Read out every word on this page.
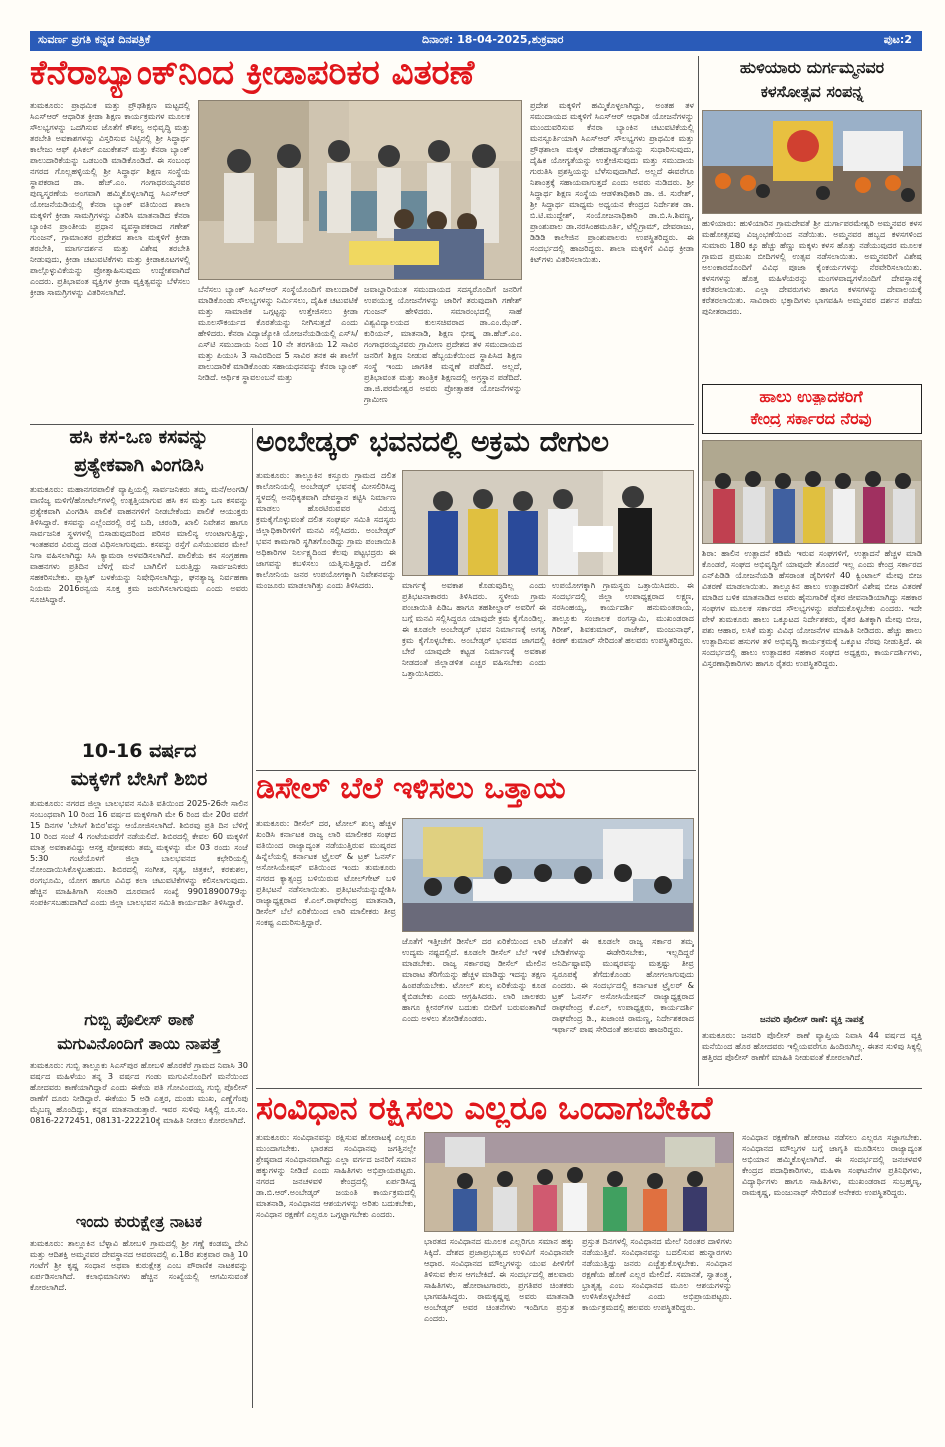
ಸುವರ್ಣ ಪ್ರಗತಿ ಕನ್ನಡ ದಿನಪತ್ರಿಕೆ	ದಿನಾಂಕ: 18-04-2025,ಶುಕ್ರವಾರ	ಪುಟ:2
ಕೆನೆರಾಬ್ಯಾಂಕ್‌ನಿಂದ ಕ್ರೀಡಾಪರಿಕರ ವಿತರಣೆ
ತುಮಕೂರು: ಪ್ರಾಥಮಿಕ ಮತ್ತು ಪ್ರೌಢಶಿಕ್ಷಣ ಮಟ್ಟದಲ್ಲಿ ಸಿಎಸ್‌ಆರ್ ಆಧಾರಿತ ಕ್ರೀಡಾ ಶಿಕ್ಷಣ ಕಾರ್ಯಕ್ರಮಗಳ ಮೂಲಕ ಸೌಲಭ್ಯಗಳನ್ನು ಒದಗಿಸುವ ಜೊತೆಗೆ ಕೌಶಲ್ಯ ಅಭಿವೃದ್ಧಿ ಮತ್ತು ತರಬೇತಿ ಅವಕಾಶಗಳನ್ನು ವಿಸ್ತರಿಸುವ ನಿಟ್ಟಿನಲ್ಲಿ ಶ್ರೀ ಸಿದ್ಧಾರ್ಥ ಕಾಲೇಜು ಆಫ್ ಫಿಸಿಕಲ್ ಎಜುಕೇಶನ್ ಮತ್ತು ಕೆನರಾ ಬ್ಯಾಂಕ್ ಪಾಲುದಾರಿಕೆಯನ್ನು ಒಡಬಂಡಿ ಮಾಡಿಕೊಂಡಿದೆ. ಈ ಸಂಬಂಧ ನಗರದ ಗೊಲ್ಲಹಳ್ಳಿಯಲ್ಲಿ ಶ್ರೀ ಸಿದ್ಧಾರ್ಥ ಶಿಕ್ಷಣ ಸಂಸ್ಥೆಯ ಸ್ಥಾಪಕರಾದ ಡಾ. ಹೆಚ್.ಎಂ. ಗಂಗಾಧರಯ್ಯನವರ ಪುಣ್ಯಸ್ಮರಣೆಯ ಅಂಗವಾಗಿ ಹಮ್ಮಿಕೊಳ್ಳಲಾಗಿದ್ದ ಸಿಎಸ್‌ಆರ್ ಯೋಜನೆಯಡಿಯಲ್ಲಿ ಕೆನರಾ ಬ್ಯಾಂಕ್ ವತಿಯಿಂದ ಶಾಲಾ ಮಕ್ಕಳಿಗೆ ಕ್ರೀಡಾ ಸಾಮಗ್ರಿಗಳನ್ನು ವಿತರಿಸಿ ಮಾತನಾಡಿದ ಕೆನರಾ ಬ್ಯಾಂಕಿನ ಪ್ರಾಂತೀಯ ಪ್ರಧಾನ ವ್ಯವಸ್ಥಾಪಕರಾದ ಗಣೇಶ್ ಗುಂಜನ್, ಗ್ರಾಮಾಂತರ ಪ್ರದೇಶದ ಶಾಲಾ ಮಕ್ಕಳಿಗೆ ಕ್ರೀಡಾ ತರಬೇತಿ, ಮಾರ್ಗದರ್ಶನ ಮತ್ತು ವಿಶೇಷ ತರಬೇತಿ ನೀಡುವುದು, ಕ್ರೀಡಾ ಚಟುವಟಿಕೆಗಳು ಮತ್ತು ಕ್ರೀಡಾಕೂಟಗಳಲ್ಲಿ ಪಾಲ್ಗೊಳ್ಳುವಿಕೆಯನ್ನು ಪ್ರೋತ್ಸಾಹಿಸುವುದು ಉದ್ದೇಶವಾಗಿದೆ ಎಂದರು. ಪ್ರತಿಭಾವಂತ ವ್ಯಕ್ತಿಗಳ ಕ್ರೀಡಾ ವ್ಯಕ್ತಿತ್ವವನ್ನು ಬೆಳೆಸಲು ಕ್ರೀಡಾ ಸಾಮಗ್ರಿಗಳನ್ನು ವಿತರಿಸಲಾಗಿದೆ.	ಬೆನೆಸಲು ಬ್ಯಾಂಕ್ ಸಿಎಸ್‌ಆರ್ ಸಂಸ್ಥೆಯೊಂದಿಗೆ ಪಾಲುದಾರಿಕೆ ಮಾಡಿಕೊಂಡು ಸೌಲಭ್ಯಗಳನ್ನು ನಿರ್ಮಿಸಲು, ದೈಹಿಕ ಚಟುವಟಿಕೆ ಮತ್ತು ಸಾಮಾಜಿಕ ಒಗ್ಗಟ್ಟನ್ನು ಉತ್ತೇಜಿಸಲು ಕ್ರೀಡಾ ಮೂಲಸೌಕರ್ಯದ ಕೊರತೆಯನ್ನು ನೀಗಿಸುತ್ತದೆ ಎಂದು ಹೇಳಿದರು. ಕೆನರಾ ವಿದ್ಯಾಜ್ಯೋತಿ ಯೋಜನೆಯಡಿಯಲ್ಲಿ ಎಸ್‌ಸಿ/ಎಸ್‌ಟಿ ಸಮುದಾಯ ನಿಂದ 10 ನೇ ತರಗತಿಯ 12 ಸಾವಿರ ಮತ್ತು ಪಿಯುಸಿ 3 ಸಾವಿರದಿಂದ 5 ಸಾವಿರ ತನಕ ಈ ಶಾಲೆಗೆ ಪಾಲುದಾರಿಕೆ ಮಾಡಿಕೊಂಡು ಸಹಾಯಧನವನ್ನು ಕೆನರಾ ಬ್ಯಾಂಕ್ ನೀಡಿದೆ. ಆರ್ಥಿಕ ಸ್ಥಾವಲಂಬನೆ ಮತ್ತು
ಜವಾಬ್ದಾರಿಯುತ ಸಮುದಾಯದ ಸದಸ್ಯರೊಂದಿಗೆ ಜನರಿಗೆ ಉಪಯುಕ್ತ ಯೋಜನೆಗಳನ್ನು ಜಾರಿಗೆ ತರುವುದಾಗಿ ಗಣೇಶ್ ಗುಂಜನ್ ಹೇಳಿದರು. ಸಮಾರಂಭದಲ್ಲಿ ಸಾಹೆ ವಿಶ್ವವಿದ್ಯಾಲಯದ ಕುಲಸಚಿವರಾದ ಡಾ.ಎಂ.ಝೆಡ್. ಕುರಿಯನ್, ಮಾತನಾಡಿ, ಶಿಕ್ಷಣ ಭೀಷ್ಮ ಡಾ.ಹೆಚ್.ಎಂ. ಗಂಗಾಧರಯ್ಯನವರು ಗ್ರಾಮೀಣ ಪ್ರದೇಶದ ತಳ ಸಮುದಾಯದ ಜನರಿಗೆ ಶಿಕ್ಷಣ ನೀಡುವ ಹೆಬ್ಬಯಕೆಯಿಂದ ಸ್ಥಾಪಿಸಿದ ಶಿಕ್ಷಣ ಸಂಸ್ಥೆ ಇಂದು ಜಾಗತಿಕ ಮನ್ನಣೆ ಪಡೆದಿದೆ. ಅಲ್ಲದೆ, ಪ್ರತಿಭಾವಂತ ಮತ್ತು ತಾಂತ್ರಿಕ ಶಿಕ್ಷಣದಲ್ಲಿ ಅಗ್ರಸ್ಥಾನ ಪಡೆದಿದೆ. ಡಾ.ಜಿ.ಪರಮೇಶ್ವರ ಅವರು ಪ್ರೋತ್ಸಾಹಕ ಯೋಜನೆಗಳನ್ನು ಗ್ರಾಮೀಣ
ಪ್ರದೇಶ ಮಕ್ಕಳಿಗೆ ಹಮ್ಮಿಕೊಳ್ಳಲಾಗಿದ್ದು, ಅಂತಹ ತಳ ಸಮುದಾಯದ ಮಕ್ಕಳಿಗೆ ಸಿಎಸ್‌ಆರ್ ಆಧಾರಿತ ಯೋಜನೆಗಳನ್ನು ಮುಂದುವರಿಸುವ ಕೆನರಾ ಬ್ಯಾಂಕಿನ ಚಟುವಟಿಕೆಯಲ್ಲಿ ಮನಸ್ಪೂರ್ತಿಯಾಗಿ ಸಿಎಸ್‌ಆರ್ ಸೌಲಭ್ಯಗಳು ಪ್ರಾಥಮಿಕ ಮತ್ತು ಪ್ರೌಢಶಾಲಾ ಮಕ್ಕಳ ದೇಹದಾರ್ಢ್ಯತೆಯನ್ನು ಸುಧಾರಿಸುವುದು, ದೈಹಿಕ ಯೋಗ್ಯತೆಯನ್ನು ಉತ್ತೇಜಿಸುವುದು ಮತ್ತು ಸಮುದಾಯ ಗುರುತಿಸಿ ಪ್ರಶಸ್ತಿಯನ್ನು ಬೆಳೆಸುವುದಾಗಿದೆ. ಅಲ್ಲದೆ ಈವರೆಗೂ ನಿಶಾಂತ್ರಕ್ಕೆ ಸಹಾಯವಾಗುತ್ತದೆ ಎಂದು ಅವರು ನುಡಿದರು. ಶ್ರೀ ಸಿದ್ಧಾರ್ಥ ಶಿಕ್ಷಣ ಸಂಸ್ಥೆಯ ಆಡಳಿತಾಧಿಕಾರಿ ಡಾ. ಜಿ. ಸುರೇಶ್, ಶ್ರೀ ಸಿದ್ಧಾರ್ಥ ಮಾಧ್ಯಮ ಅಧ್ಯಯನ ಕೇಂದ್ರದ ನಿರ್ದೇಶಕ ಡಾ. ಬಿ.ಟಿ.ಮುದ್ದೇಶ್, ಸಂಯೋಜನಾಧಿಕಾರಿ ಡಾ.ಬಿ.ಸಿ.ಶಿವಣ್ಣ, ಪ್ರಾಂಶುಪಾಲ ಡಾ.ನರಸಿಂಹಮೂರ್ತಿ, ಟೆಲ್ಲಿಗ್ರಾಮ್, ದೇವರಾಜು, ಡಿಡಿಡಿ ಕಾಲೇಜಿನ ಪ್ರಾಂಶುಪಾಲರು ಉಪಸ್ಥಿತರಿದ್ದರು. ಈ ಸಂದರ್ಭದಲ್ಲಿ ಹಾಜರಿದ್ದರು. ಶಾಲಾ ಮಕ್ಕಳಿಗೆ ವಿವಿಧ ಕ್ರೀಡಾ ಕಿಟ್‌ಗಳು ವಿತರಿಸಲಾಯಿತು.
ಹುಳಿಯಾರು ದುರ್ಗಮ್ಮನವರ
ಕಳಸೋತ್ಸವ ಸಂಪನ್ನ
ಹುಳಿಯಾರು: ಹುಳಿಯಾರಿನ ಗ್ರಾಮದೇವತೆ ಶ್ರೀ ದುರ್ಗಾಪರಮೇಶ್ವರಿ ಅಮ್ಮನವರ ಕಳಸ ಮಹೋತ್ಸವವು ವಿಜೃಂಭಣೆಯಿಂದ ನಡೆಯಿತು. ಅಮ್ಮನವರ ಹಬ್ಬದ ಕಳಸಗಳಿಂದ ಸುಮಾರು 180 ಕ್ಕೂ ಹೆಚ್ಚು ಹೆಣ್ಣು ಮಕ್ಕಳು ಕಳಸ ಹೊತ್ತು ನಡೆಯುವುದರ ಮೂಲಕ ಗ್ರಾಮದ ಪ್ರಮುಖ ಬೀದಿಗಳಲ್ಲಿ ಉತ್ಸವ ನಡೆಸಲಾಯಿತು. ಅಮ್ಮನವರಿಗೆ ವಿಶೇಷ ಅಲಂಕಾರದೊಂದಿಗೆ ವಿವಿಧ ಪೂಜಾ ಕೈಂಕರ್ಯಗಳನ್ನು ನೆರವೇರಿಸಲಾಯಿತು. ಕಳಸಗಳನ್ನು ಹೊತ್ತ ಮಹಿಳೆಯರನ್ನು ಮಂಗಳವಾದ್ಯಗಳೊಂದಿಗೆ ದೇವಸ್ಥಾನಕ್ಕೆ ಕರೆತರಲಾಯಿತು. ಎಲ್ಲಾ ದೇವರುಗಳು ಹಾಗೂ ಕಳಸಗಳನ್ನು ದೇವಾಲಯಕ್ಕೆ ಕರೆತರಲಾಯಿತು. ಸಾವಿರಾರು ಭಕ್ತಾದಿಗಳು ಭಾಗವಹಿಸಿ ಅಮ್ಮನವರ ದರ್ಶನ ಪಡೆದು ಪುನೀತರಾದರು.
ಹಾಲು ಉತ್ಪಾದಕರಿಗೆ
ಕೇಂದ್ರ ಸರ್ಕಾರದ ನೆರವು
ಶಿರಾ: ಹಾಲಿನ ಉತ್ಪಾದನೆ ಕಡಿಮೆ ಇರುವ ಸಂಘಗಳಿಗೆ, ಉತ್ಪಾದನೆ ಹೆಚ್ಚಳ ಮಾಡಿ ಕೊಂಡರೆ, ಸಂಘದ ಅಭಿವೃದ್ಧಿಗೆ ಯಾವುದೇ ತೊಂದರೆ ಇಲ್ಲ ಎಂದು ಕೇಂದ್ರ ಸರ್ಕಾರದ ಎನ್‌ಪಿಡಿಡಿ ಯೋಜನೆಯಡಿ ಹೆಸರಾಂತ ಡೈರಿಗಳಿಗೆ 40 ಕ್ವಿಂಟಾಲ್ ಮೇವು ಬೀಜ ವಿತರಣೆ ಮಾಡಲಾಯಿತು. ತಾಲ್ಲೂಕಿನ ಹಾಲು ಉತ್ಪಾದಕರಿಗೆ ವಿಶೇಷ ಬೀಜ ವಿತರಣೆ ಮಾಡಿದ ಬಳಿಕ ಮಾತನಾಡಿದ ಅವರು ಹೈನುಗಾರಿಕೆ ರೈತರ ಜೀವನಾಡಿಯಾಗಿದ್ದು ಸಹಕಾರ ಸಂಘಗಳ ಮೂಲಕ ಸರ್ಕಾರದ ಸೌಲಭ್ಯಗಳನ್ನು ಪಡೆದುಕೊಳ್ಳಬೇಕು ಎಂದರು. ಇದೇ ವೇಳೆ ತುಮಕೂರು ಹಾಲು ಒಕ್ಕೂಟದ ನಿರ್ದೇಶಕರು, ರೈತರ ಹಿತಕ್ಕಾಗಿ ಮೇವು ಬೀಜ, ಪಶು ಆಹಾರ, ಲಸಿಕೆ ಮತ್ತು ವಿವಿಧ ಯೋಜನೆಗಳ ಮಾಹಿತಿ ನೀಡಿದರು. ಹೆಚ್ಚು ಹಾಲು ಉತ್ಪಾದಿಸುವ ಹಸುಗಳ ತಳಿ ಅಭಿವೃದ್ಧಿ ಕಾರ್ಯಕ್ರಮಕ್ಕೆ ಒಕ್ಕೂಟ ನೆರವು ನೀಡುತ್ತಿದೆ. ಈ ಸಂದರ್ಭದಲ್ಲಿ ಹಾಲು ಉತ್ಪಾದಕರ ಸಹಕಾರ ಸಂಘದ ಅಧ್ಯಕ್ಷರು, ಕಾರ್ಯದರ್ಶಿಗಳು, ವಿಸ್ತರಣಾಧಿಕಾರಿಗಳು ಹಾಗೂ ರೈತರು ಉಪಸ್ಥಿತರಿದ್ದರು.
ಜನವರಿ ಪೊಲೀಸ್ ಠಾಣೆ: ವ್ಯಕ್ತಿ ನಾಪತ್ತೆ
ತುಮಕೂರು: ಜನವರಿ ಪೊಲೀಸ್ ಠಾಣೆ ವ್ಯಾಪ್ತಿಯ ನಿವಾಸಿ 44 ವರ್ಷದ ವ್ಯಕ್ತಿ ಮನೆಯಿಂದ ಹೊರ ಹೋದವರು ಇಲ್ಲಿಯವರೆಗೂ ಹಿಂದಿರುಗಿಲ್ಲ. ಈತನ ಸುಳಿವು ಸಿಕ್ಕಲ್ಲಿ ಹತ್ತಿರದ ಪೊಲೀಸ್ ಠಾಣೆಗೆ ಮಾಹಿತಿ ನೀಡುವಂತೆ ಕೋರಲಾಗಿದೆ.
ಹಸಿ ಕಸ-ಒಣ ಕಸವನ್ನು
ಪ್ರತ್ಯೇಕವಾಗಿ ವಿಂಗಡಿಸಿ
ತುಮಕೂರು: ಮಹಾನಗರಪಾಲಿಕೆ ವ್ಯಾಪ್ತಿಯಲ್ಲಿ ಸಾರ್ವಜನಿಕರು ತಮ್ಮ ಮನೆ/ಅಂಗಡಿ/ವಾಣಿಜ್ಯ ಮಳಿಗೆ/ಹೋಟೆಲ್‌ಗಳಲ್ಲಿ ಉತ್ಪತ್ತಿಯಾಗುವ ಹಸಿ ಕಸ ಮತ್ತು ಒಣ ಕಸವನ್ನು ಪ್ರತ್ಯೇಕವಾಗಿ ವಿಂಗಡಿಸಿ ಪಾಲಿಕೆ ವಾಹನಗಳಿಗೆ ನೀಡಬೇಕೆಂದು ಪಾಲಿಕೆ ಆಯುಕ್ತರು ತಿಳಿಸಿದ್ದಾರೆ. ಕಸವನ್ನು ಎಲ್ಲೆಂದರಲ್ಲಿ ರಸ್ತೆ ಬದಿ, ಚರಂಡಿ, ಖಾಲಿ ನಿವೇಶನ ಹಾಗೂ ಸಾರ್ವಜನಿಕ ಸ್ಥಳಗಳಲ್ಲಿ ಬಿಸಾಡುವುದರಿಂದ ಪರಿಸರ ಮಾಲಿನ್ಯ ಉಂಟಾಗುತ್ತಿದ್ದು, ಇಂತಹವರ ವಿರುದ್ಧ ದಂಡ ವಿಧಿಸಲಾಗುವುದು. ಕಸವನ್ನು ರಸ್ತೆಗೆ ಎಸೆಯುವವರ ಮೇಲೆ ನಿಗಾ ವಹಿಸಲಾಗಿದ್ದು ಸಿಸಿ ಕ್ಯಾಮರಾ ಅಳವಡಿಸಲಾಗಿದೆ. ಪಾಲಿಕೆಯ ಕಸ ಸಂಗ್ರಹಣಾ ವಾಹನಗಳು ಪ್ರತಿದಿನ ಬೆಳಿಗ್ಗೆ ಮನೆ ಬಾಗಿಲಿಗೆ ಬರುತ್ತಿದ್ದು ಸಾರ್ವಜನಿಕರು ಸಹಕರಿಸಬೇಕು. ಪ್ಲಾಸ್ಟಿಕ್ ಬಳಕೆಯನ್ನು ನಿಷೇಧಿಸಲಾಗಿದ್ದು, ಘನತ್ಯಾಜ್ಯ ನಿರ್ವಹಣಾ ನಿಯಮ 2016ರನ್ವಯ ಸೂಕ್ತ ಕ್ರಮ ಜರುಗಿಸಲಾಗುವುದು ಎಂದು ಅವರು ಸೂಚಿಸಿದ್ದಾರೆ.
10-16 ವರ್ಷದ
ಮಕ್ಕಳಿಗೆ ಬೇಸಿಗೆ ಶಿಬಿರ
ತುಮಕೂರು: ನಗರದ ಜಿಲ್ಲಾ ಬಾಲಭವನ ಸಮಿತಿ ವತಿಯಿಂದ 2025-26ನೇ ಸಾಲಿನ ಸಂಬಂಧವಾಗಿ 10 ರಿಂದ 16 ವರ್ಷದ ಮಕ್ಕಳಿಗಾಗಿ ಮೇ 6 ರಿಂದ ಮೇ 20ರ ವರೆಗೆ 15 ದಿನಗಳ 'ಬೇಸಿಗೆ ಶಿಬಿರ'ವನ್ನು ಆಯೋಜಿಸಲಾಗಿದೆ. ಶಿಬಿರವು ಪ್ರತಿ ದಿನ ಬೆಳಿಗ್ಗೆ 10 ರಿಂದ ಸಂಜೆ 4 ಗಂಟೆಯವರೆಗೆ ನಡೆಯಲಿದೆ. ಶಿಬಿರದಲ್ಲಿ ಕೇವಲ 60 ಮಕ್ಕಳಿಗೆ ಮಾತ್ರ ಅವಕಾಶವಿದ್ದು ಆಸಕ್ತ ಪೋಷಕರು ತಮ್ಮ ಮಕ್ಕಳನ್ನು ಮೇ 03 ರಂದು ಸಂಜೆ 5:30 ಗಂಟೆಯೊಳಗೆ ಜಿಲ್ಲಾ ಬಾಲಭವನದ ಕಛೇರಿಯಲ್ಲಿ ನೋಂದಾಯಿಸಿಕೊಳ್ಳಬಹುದು. ಶಿಬಿರದಲ್ಲಿ ಸಂಗೀತ, ನೃತ್ಯ, ಚಿತ್ರಕಲೆ, ಕರಕುಶಲ, ರಂಗಭೂಮಿ, ಯೋಗ ಹಾಗೂ ವಿವಿಧ ಕಲಾ ಚಟುವಟಿಕೆಗಳನ್ನು ಕಲಿಸಲಾಗುವುದು. ಹೆಚ್ಚಿನ ಮಾಹಿತಿಗಾಗಿ ಸಂಚಾರಿ ದೂರವಾಣಿ ಸಂಖ್ಯೆ 9901890079ನ್ನು ಸಂಪರ್ಕಿಸಬಹುದಾಗಿದೆ ಎಂದು ಜಿಲ್ಲಾ ಬಾಲಭವನ ಸಮಿತಿ ಕಾರ್ಯದರ್ಶಿ ತಿಳಿಸಿದ್ದಾರೆ.
ಗುಬ್ಬಿ ಪೊಲೀಸ್ ಠಾಣೆ
ಮಗುವಿನೊಂದಿಗೆ ತಾಯಿ ನಾಪತ್ತೆ
ತುಮಕೂರು: ಗುಬ್ಬಿ ತಾಲ್ಲೂಕು ಸಿಎಸ್‌ಪುರ ಹೋಬಳಿ ಹೊರಕೆರೆ ಗ್ರಾಮದ ನಿವಾಸಿ 30 ವರ್ಷದ ಮಹಿಳೆಯು ತನ್ನ 3 ವರ್ಷದ ಗಂಡು ಮಗುವಿನೊಂದಿಗೆ ಮನೆಯಿಂದ ಹೋದವರು ಕಾಣೆಯಾಗಿದ್ದಾರೆ ಎಂದು ಈಕೆಯ ಪತಿ ಗೋವಿಂದಯ್ಯ ಗುಬ್ಬಿ ಪೊಲೀಸ್ ಠಾಣೆಗೆ ದೂರು ನೀಡಿದ್ದಾರೆ. ಈಕೆಯು 5 ಅಡಿ ಎತ್ತರ, ದುಂಡು ಮುಖ, ಎಣ್ಣೆಗೆಂಪು ಮೈಬಣ್ಣ ಹೊಂದಿದ್ದು, ಕನ್ನಡ ಮಾತನಾಡುತ್ತಾರೆ. ಇವರ ಸುಳಿವು ಸಿಕ್ಕಲ್ಲಿ ದೂ.ಸಂ. 0816-2272451, 08131-222210ಕ್ಕೆ ಮಾಹಿತಿ ನೀಡಲು ಕೋರಲಾಗಿದೆ.
ಇಂದು ಕುರುಕ್ಷೇತ್ರ ನಾಟಕ
ತುಮಕೂರು: ತಾಲ್ಲೂಕಿನ ಬೆಳ್ಳಾವಿ ಹೋಬಳಿ ಗ್ರಾಮದಲ್ಲಿ ಶ್ರೀ ಗಣ್ಣೆ ಕಂಡಮ್ಮ ದೇವಿ ಮತ್ತು ಆದಿಶಕ್ತಿ ಅಮ್ಮನವರ ದೇವಸ್ಥಾನದ ಆವರಣದಲ್ಲಿ ಏ.18ರ ಶುಕ್ರವಾರ ರಾತ್ರಿ 10 ಗಂಟೆಗೆ ಶ್ರೀ ಕೃಷ್ಣ ಸಂಧಾನ ಅಥವಾ ಕುರುಕ್ಷೇತ್ರ ಎಂಬ ಪೌರಾಣಿಕ ನಾಟಕವನ್ನು ಏರ್ಪಡಿಸಲಾಗಿದೆ. ಕಲಾಭಿಮಾನಿಗಳು ಹೆಚ್ಚಿನ ಸಂಖ್ಯೆಯಲ್ಲಿ ಆಗಮಿಸುವಂತೆ ಕೋರಲಾಗಿದೆ.
ಅಂಬೇಡ್ಕರ್ ಭವನದಲ್ಲಿ ಅಕ್ರಮ ದೇಗುಲ
ತುಮಕೂರು: ತಾಲ್ಲೂಕಿನ ಕಸ್ತೂರು ಗ್ರಾಮದ ದಲಿತ ಕಾಲೋನಿಯಲ್ಲಿ ಅಂಬೇಡ್ಕರ್ ಭವನಕ್ಕೆ ಮೀಸಲಿರಿಸಿದ್ದ ಸ್ಥಳದಲ್ಲಿ ಅನಧಿಕೃತವಾಗಿ ದೇವಸ್ಥಾನ ಕಟ್ಟಿಸಿ ನಿರ್ಮಾಣ ಮಾಡಲು ಹೊರಟಿರುವವರ ವಿರುದ್ಧ ಕ್ರಮಕೈಗೊಳ್ಳುವಂತೆ ದಲಿತ ಸಂಘರ್ಷ ಸಮಿತಿ ಸದಸ್ಯರು ಜಿಲ್ಲಾಧಿಕಾರಿಗಳಿಗೆ ಮನವಿ ಸಲ್ಲಿಸಿದರು. ಅಂಬೇಡ್ಕರ್ ಭವನ ಕಾಮಗಾರಿ ಸ್ಥಗಿತಗೊಂಡಿದ್ದು ಗ್ರಾಮ ಪಂಚಾಯಿತಿ ಅಧಿಕಾರಿಗಳ ನಿರ್ಲಕ್ಷ್ಯದಿಂದ ಕೆಲವು ಪಟ್ಟಭದ್ರರು ಈ ಜಾಗವನ್ನು ಕಬಳಿಸಲು ಯತ್ನಿಸುತ್ತಿದ್ದಾರೆ. ದಲಿತ ಕಾಲೋನಿಯ ಜನರ ಉಪಯೋಗಕ್ಕಾಗಿ ನಿವೇಶನವನ್ನು ಮಂಜೂರು ಮಾಡಲಾಗಿತ್ತು ಎಂದು ತಿಳಿಸಿದರು.	ಮಾರ್ಗಕ್ಕೆ ಅವಕಾಶ ಕೊಡುವುದಿಲ್ಲ ಎಂದು ಪ್ರತಿಭಟನಾಕಾರರು ತಿಳಿಸಿದರು. ಸ್ಥಳೀಯ ಗ್ರಾಮ ಪಂಚಾಯಿತಿ ಪಿಡಿಒ ಹಾಗೂ ತಹಶೀಲ್ದಾರ್ ಅವರಿಗೆ ಈ ಬಗ್ಗೆ ಮನವಿ ಸಲ್ಲಿಸಿದ್ದರೂ ಯಾವುದೇ ಕ್ರಮ ಕೈಗೊಂಡಿಲ್ಲ. ಈ ಕೂಡಲೇ ಅಂಬೇಡ್ಕರ್ ಭವನ ನಿರ್ಮಾಣಕ್ಕೆ ಅಗತ್ಯ ಕ್ರಮ ಕೈಗೊಳ್ಳಬೇಕು. ಅಂಬೇಡ್ಕರ್ ಭವನದ ಜಾಗದಲ್ಲಿ ಬೇರೆ ಯಾವುದೇ ಕಟ್ಟಡ ನಿರ್ಮಾಣಕ್ಕೆ ಅವಕಾಶ ನೀಡದಂತೆ ಜಿಲ್ಲಾಡಳಿತ ಎಚ್ಚರ ವಹಿಸಬೇಕು ಎಂದು ಒತ್ತಾಯಿಸಿದರು.
ಉಪಯೋಗಕ್ಕಾಗಿ ಗ್ರಾಮಸ್ಥರು ಒತ್ತಾಯಿಸಿದರು. ಈ ಸಂದರ್ಭದಲ್ಲಿ ಜಿಲ್ಲಾ ಉಪಾಧ್ಯಕ್ಷರಾದ ಲಕ್ಷ್ಮಣ, ನರಸಿಂಹಯ್ಯ, ಕಾರ್ಯದರ್ಶಿ ಹನುಮಂತರಾಯ, ತಾಲ್ಲೂಕು ಸಂಚಾಲಕ ರಂಗಸ್ವಾಮಿ, ಮುಖಂಡರಾದ ಗಿರೀಶ್, ಶಿವಕುಮಾರ್, ರಾಜೇಶ್, ಮಂಜುನಾಥ್, ಕಿರಣ್ ಕುಮಾರ್ ಸೇರಿದಂತೆ ಹಲವರು ಉಪಸ್ಥಿತರಿದ್ದರು.
ಡಿಸೇಲ್ ಬೆಲೆ ಇಳಿಸಲು ಒತ್ತಾಯ
ತುಮಕೂರು: ಡೀಸೆಲ್ ದರ, ಟೋಲ್ ಶುಲ್ಕ ಹೆಚ್ಚಳ ಖಂಡಿಸಿ ಕರ್ನಾಟಕ ರಾಜ್ಯ ಲಾರಿ ಮಾಲೀಕರ ಸಂಘದ ವತಿಯಿಂದ ರಾಜ್ಯಾದ್ಯಂತ ನಡೆಯುತ್ತಿರುವ ಮುಷ್ಕರದ ಹಿನ್ನೆಲೆಯಲ್ಲಿ ಕರ್ನಾಟಕ ಟ್ರೈಲರ್ & ಟ್ರಕ್ ಓನರ್ಸ್ ಅಸೋಸಿಯೇಷನ್ ವತಿಯಿಂದ ಇಂದು ತುಮಕೂರು ನಗರದ ಕ್ಯಾತ್ಸಂದ್ರ ಬಳಿಯಿರುವ ಟೋಲ್‌ಗೇಟ್ ಬಳಿ ಪ್ರತಿಭಟನೆ ನಡೆಸಲಾಯಿತು. ಪ್ರತಿಭಟನೆಯನ್ನುದ್ದೇಶಿಸಿ ರಾಜ್ಯಾಧ್ಯಕ್ಷರಾದ ಕೆ.ಎಲ್.ರಾಘವೇಂದ್ರ ಮಾತನಾಡಿ, ಡೀಸೆಲ್ ಬೆಲೆ ಏರಿಕೆಯಿಂದ ಲಾರಿ ಮಾಲೀಕರು ತೀವ್ರ ಸಂಕಷ್ಟ ಎದುರಿಸುತ್ತಿದ್ದಾರೆ.
ಜೊತೆಗೆ ಇತ್ತೀಚೆಗೆ ಡೀಸೆಲ್ ದರ ಏರಿಕೆಯಿಂದ ಲಾರಿ ಉದ್ಯಮ ನಷ್ಟದಲ್ಲಿದೆ. ಕೂಡಲೇ ಡೀಸೆಲ್ ಬೆಲೆ ಇಳಿಕೆ ಮಾಡಬೇಕು. ರಾಜ್ಯ ಸರ್ಕಾರವು ಡೀಸೆಲ್ ಮೇಲಿನ ಮಾರಾಟ ತೆರಿಗೆಯನ್ನು ಹೆಚ್ಚಳ ಮಾಡಿದ್ದು ಇದನ್ನು ತಕ್ಷಣ ಹಿಂಪಡೆಯಬೇಕು. ಟೋಲ್ ಶುಲ್ಕ ಏರಿಕೆಯನ್ನು ಕೂಡ ಕೈಬಿಡಬೇಕು ಎಂದು ಆಗ್ರಹಿಸಿದರು. ಲಾರಿ ಚಾಲಕರು ಹಾಗೂ ಕ್ಲೀನರ್‌ಗಳ ಬದುಕು ಬೀದಿಗೆ ಬರುವಂತಾಗಿದೆ ಎಂದು ಅಳಲು ತೋಡಿಕೊಂಡರು.
ಜೊತೆಗೆ ಈ ಕೂಡಲೇ ರಾಜ್ಯ ಸರ್ಕಾರ ತಮ್ಮ ಬೇಡಿಕೆಗಳನ್ನು ಈಡೇರಿಸಬೇಕು, ಇಲ್ಲದಿದ್ದರೆ ಅನಿರ್ದಿಷ್ಟಾವಧಿ ಮುಷ್ಕರವನ್ನು ಮತ್ತಷ್ಟು ತೀವ್ರ ಸ್ವರೂಪಕ್ಕೆ ತೆಗೆದುಕೊಂಡು ಹೋಗಲಾಗುವುದು ಎಂದರು. ಈ ಸಂದರ್ಭದಲ್ಲಿ ಕರ್ನಾಟಕ ಟ್ರೈಲರ್ & ಟ್ರಕ್ ಓನರ್ಸ್ ಅಸೋಸಿಯೇಷನ್ ರಾಜ್ಯಾಧ್ಯಕ್ಷರಾದ ರಾಘವೇಂದ್ರ ಕೆ.ಎಲ್, ಉಪಾಧ್ಯಕ್ಷರು, ಕಾರ್ಯದರ್ಶಿ ರಾಘವೇಂದ್ರ ಡಿ., ಖಜಾಂಚಿ ರಾಮಣ್ಣ, ನಿರ್ದೇಶಕರಾದ ಇರ್ಫಾನ್ ಪಾಷ ಸೇರಿದಂತೆ ಹಲವರು ಹಾಜರಿದ್ದರು.
ಸಂವಿಧಾನ ರಕ್ಷಿಸಲು ಎಲ್ಲರೂ ಒಂದಾಗಬೇಕಿದೆ
ತುಮಕೂರು: ಸಂವಿಧಾನವನ್ನು ರಕ್ಷಿಸುವ ಹೋರಾಟಕ್ಕೆ ಎಲ್ಲರೂ ಮುಂದಾಗಬೇಕು. ಭಾರತದ ಸಂವಿಧಾನವು ಜಗತ್ತಿನಲ್ಲೇ ಶ್ರೇಷ್ಠವಾದ ಸಂವಿಧಾನವಾಗಿದ್ದು ಎಲ್ಲಾ ವರ್ಗದ ಜನರಿಗೆ ಸಮಾನ ಹಕ್ಕುಗಳನ್ನು ನೀಡಿದೆ ಎಂದು ಸಾಹಿತಿಗಳು ಅಭಿಪ್ರಾಯಪಟ್ಟರು. ನಗರದ ಜನಚಳವಳಿ ಕೇಂದ್ರದಲ್ಲಿ ಏರ್ಪಡಿಸಿದ್ದ ಡಾ.ಬಿ.ಆರ್.ಅಂಬೇಡ್ಕರ್ ಜಯಂತಿ ಕಾರ್ಯಕ್ರಮದಲ್ಲಿ ಮಾತನಾಡಿ, ಸಂವಿಧಾನದ ಆಶಯಗಳನ್ನು ಅರಿತು ಬದುಕಬೇಕು, ಸಂವಿಧಾನ ರಕ್ಷಣೆಗೆ ಎಲ್ಲರೂ ಒಗ್ಗಟ್ಟಾಗಬೇಕು ಎಂದರು.
ಭಾರತದ ಸಂವಿಧಾನದ ಮೂಲಕ ಎಲ್ಲರಿಗೂ ಸಮಾನ ಹಕ್ಕು ಸಿಕ್ಕಿದೆ. ದೇಶದ ಪ್ರಜಾಪ್ರಭುತ್ವದ ಉಳಿವಿಗೆ ಸಂವಿಧಾನವೇ ಆಧಾರ. ಸಂವಿಧಾನದ ಮೌಲ್ಯಗಳನ್ನು ಯುವ ಪೀಳಿಗೆಗೆ ತಿಳಿಸುವ ಕೆಲಸ ಆಗಬೇಕಿದೆ. ಈ ಸಂದರ್ಭದಲ್ಲಿ ಹಲವಾರು ಸಾಹಿತಿಗಳು, ಹೋರಾಟಗಾರರು, ಪ್ರಗತಿಪರ ಚಿಂತಕರು ಭಾಗವಹಿಸಿದ್ದರು. ರಾಮಕೃಷ್ಣಪ್ಪ ಅವರು ಮಾತನಾಡಿ ಅಂಬೇಡ್ಕರ್ ಅವರ ಚಿಂತನೆಗಳು ಇಂದಿಗೂ ಪ್ರಸ್ತುತ ಎಂದರು.
ಪ್ರಸ್ತುತ ದಿನಗಳಲ್ಲಿ ಸಂವಿಧಾನದ ಮೇಲೆ ನಿರಂತರ ದಾಳಿಗಳು ನಡೆಯುತ್ತಿವೆ. ಸಂವಿಧಾನವನ್ನು ಬದಲಿಸುವ ಹುನ್ನಾರಗಳು ನಡೆಯುತ್ತಿದ್ದು ಜನರು ಎಚ್ಚೆತ್ತುಕೊಳ್ಳಬೇಕು. ಸಂವಿಧಾನ ರಕ್ಷಣೆಯ ಹೊಣೆ ಎಲ್ಲರ ಮೇಲಿದೆ. ಸಮಾನತೆ, ಸ್ವಾತಂತ್ರ್ಯ, ಭ್ರಾತೃತ್ವ ಎಂಬ ಸಂವಿಧಾನದ ಮೂಲ ಆಶಯಗಳನ್ನು ಉಳಿಸಿಕೊಳ್ಳಬೇಕಿದೆ ಎಂದು ಅಭಿಪ್ರಾಯಪಟ್ಟರು. ಕಾರ್ಯಕ್ರಮದಲ್ಲಿ ಹಲವರು ಉಪಸ್ಥಿತರಿದ್ದರು.
ಸಂವಿಧಾನ ರಕ್ಷಣೆಗಾಗಿ ಹೋರಾಟ ನಡೆಸಲು ಎಲ್ಲರೂ ಸಜ್ಜಾಗಬೇಕು. ಸಂವಿಧಾನದ ಮೌಲ್ಯಗಳ ಬಗ್ಗೆ ಜಾಗೃತಿ ಮೂಡಿಸಲು ರಾಜ್ಯಾದ್ಯಂತ ಅಭಿಯಾನ ಹಮ್ಮಿಕೊಳ್ಳಲಾಗಿದೆ. ಈ ಸಂದರ್ಭದಲ್ಲಿ ಜನಚಳವಳಿ ಕೇಂದ್ರದ ಪದಾಧಿಕಾರಿಗಳು, ಮಹಿಳಾ ಸಂಘಟನೆಗಳ ಪ್ರತಿನಿಧಿಗಳು, ವಿದ್ಯಾರ್ಥಿಗಳು ಹಾಗೂ ಸಾಹಿತಿಗಳು, ಮುಖಂಡರಾದ ಸುಬ್ರಹ್ಮಣ್ಯ, ರಾಮಕೃಷ್ಣ, ಮಂಜುನಾಥ್ ಸೇರಿದಂತೆ ಅನೇಕರು ಉಪಸ್ಥಿತರಿದ್ದರು.
